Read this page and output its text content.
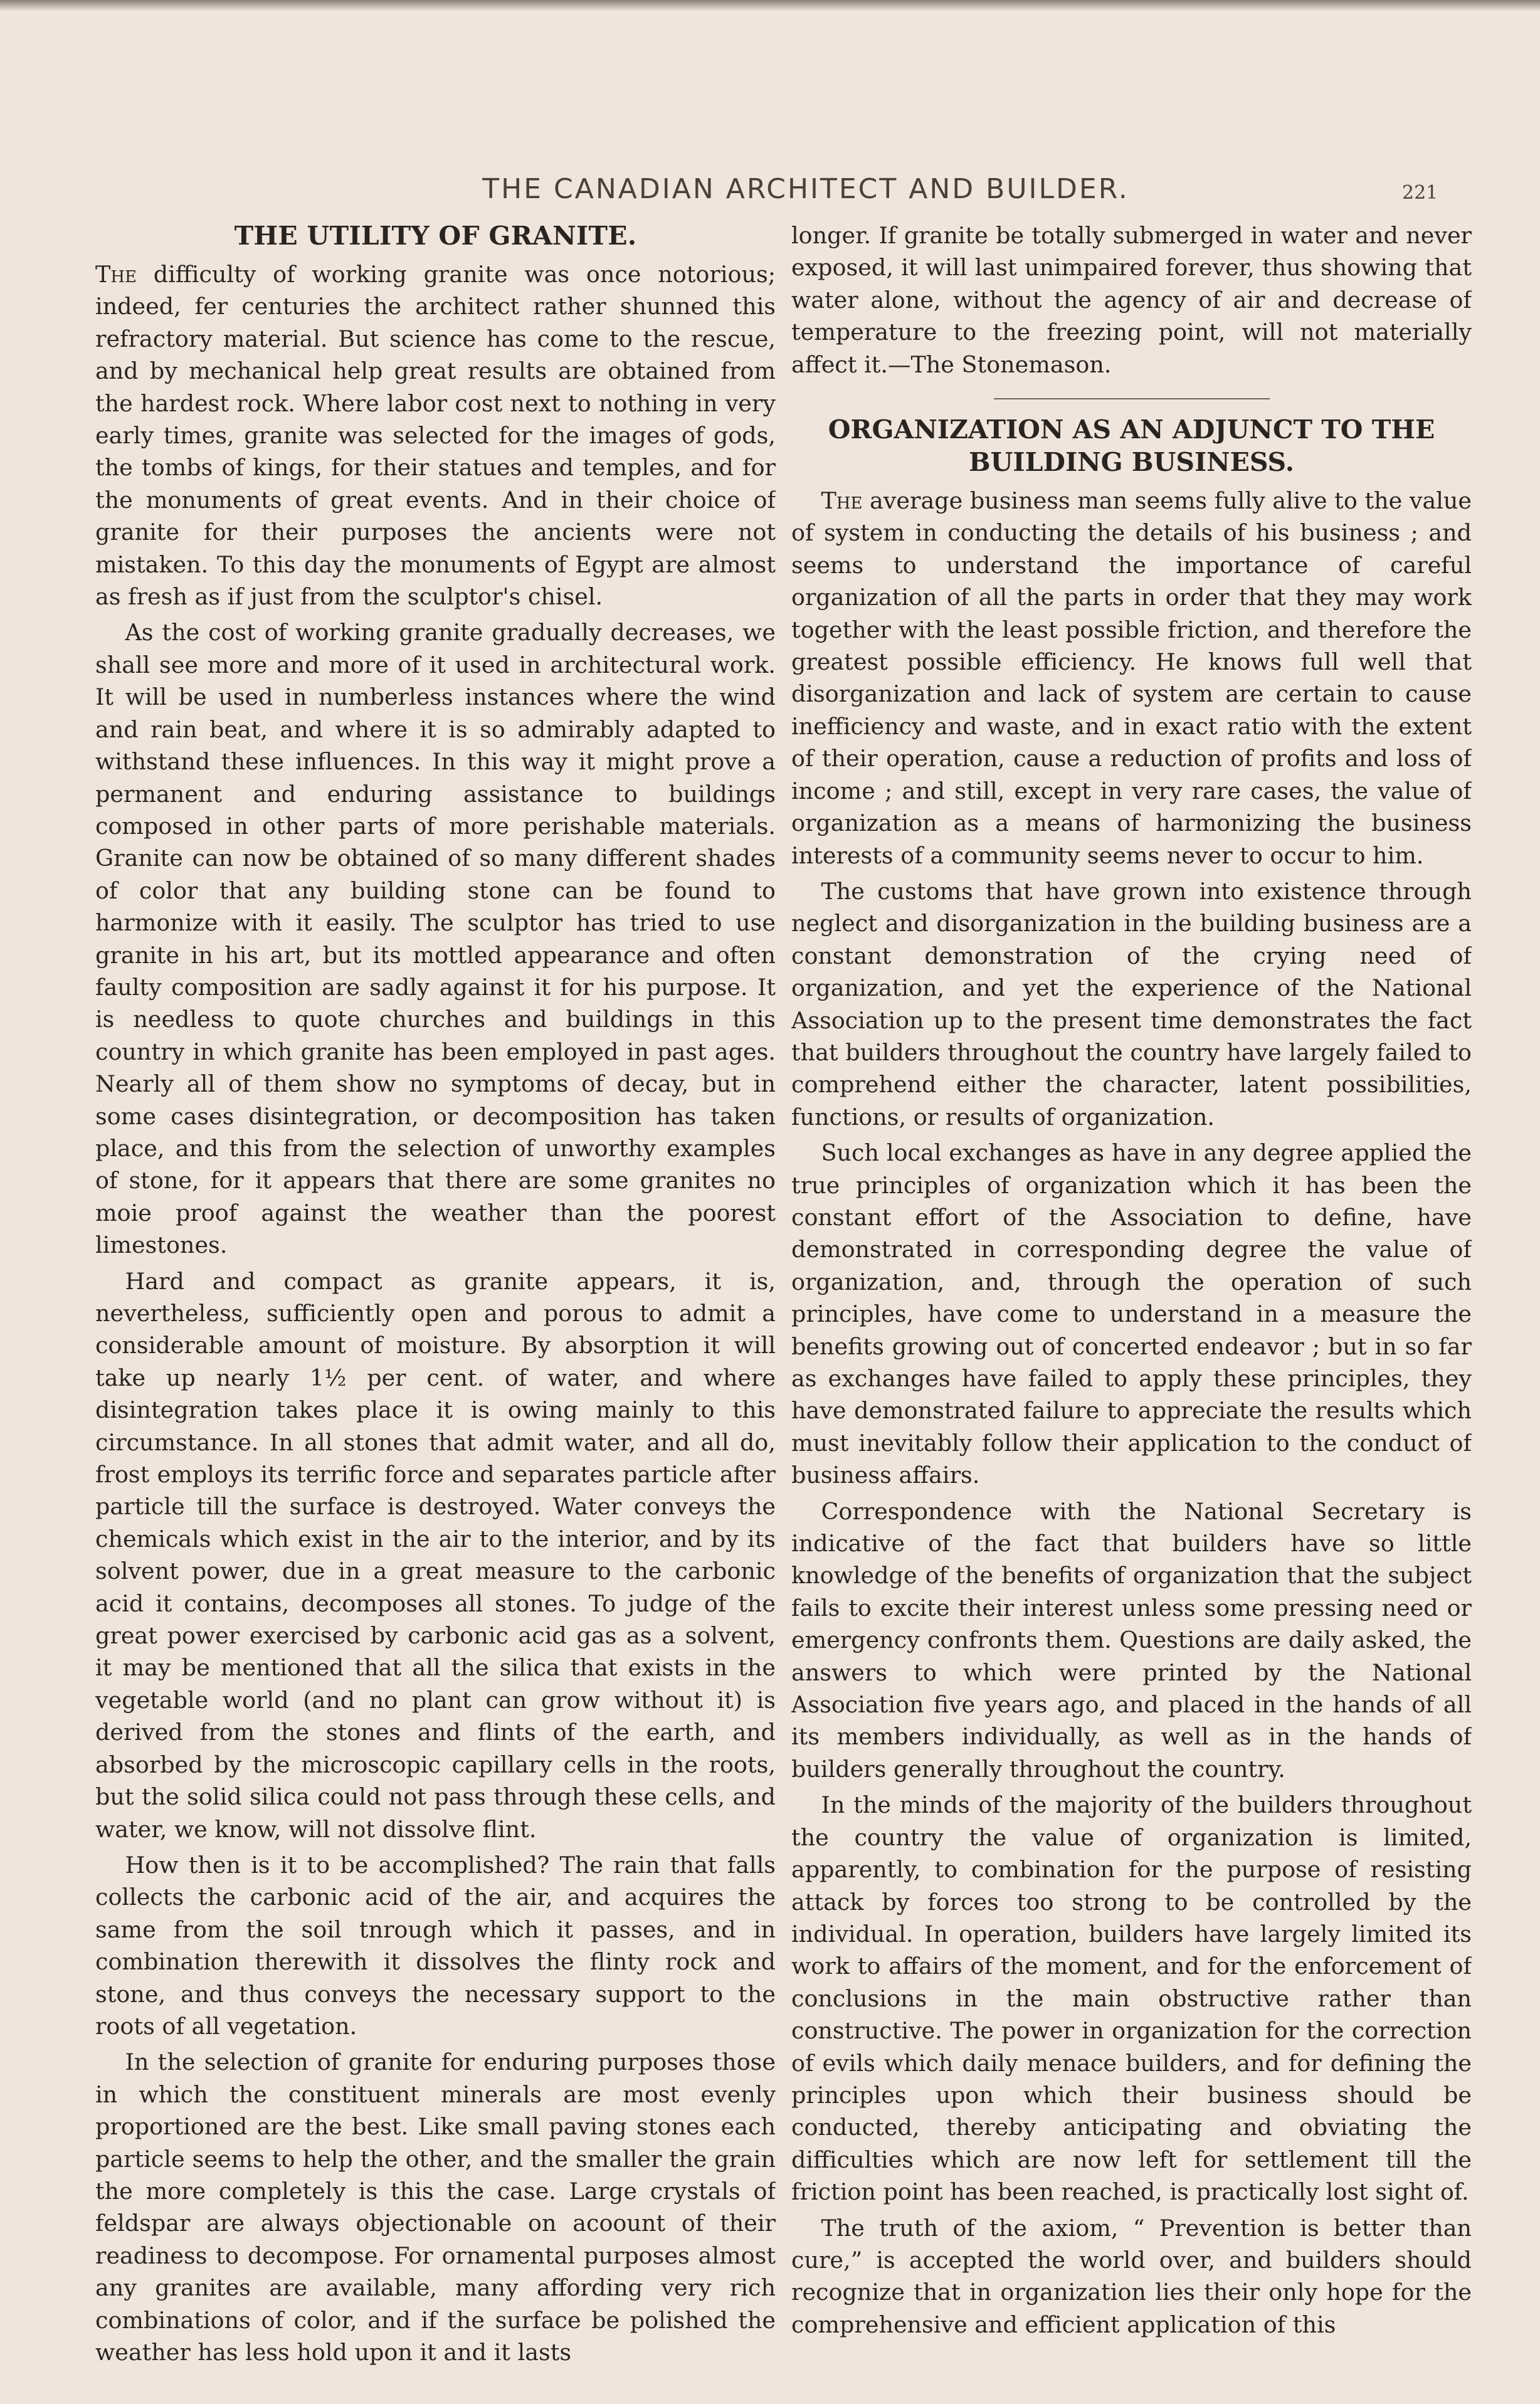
THE CANADIAN ARCHITECT AND BUILDER.	221
THE UTILITY OF GRANITE.

The difficulty of working granite was once notorious; indeed, fer centuries the architect rather shunned this refractory material. But science has come to the rescue, and by mechanical help great results are obtained from the hardest rock. Where labor cost next to nothing in very early times, granite was selected for the images of gods, the tombs of kings, for their statues and temples, and for the monuments of great events. And in their choice of granite for their purposes the ancients were not mistaken. To this day the monuments of Egypt are almost as fresh as if just from the sculptor's chisel.

As the cost of working granite gradually decreases, we shall see more and more of it used in architectural work. It will be used in numberless instances where the wind and rain beat, and where it is so admirably adapted to withstand these influences. In this way it might prove a permanent and enduring assistance to buildings composed in other parts of more perishable materials. Granite can now be obtained of so many different shades of color that any building stone can be found to harmonize with it easily. The sculptor has tried to use granite in his art, but its mottled appearance and often faulty composition are sadly against it for his purpose. It is needless to quote churches and buildings in this country in which granite has been employed in past ages. Nearly all of them show no symptoms of decay, but in some cases disintegration, or decomposition has taken place, and this from the selection of unworthy examples of stone, for it appears that there are some granites no moie proof against the weather than the poorest limestones.

Hard and compact as granite appears, it is, nevertheless, sufficiently open and porous to admit a considerable amount of moisture. By absorption it will take up nearly 1½ per cent. of water, and where disintegration takes place it is owing mainly to this circumstance. In all stones that admit water, and all do, frost employs its terrific force and separates particle after particle till the surface is destroyed. Water conveys the chemicals which exist in the air to the interior, and by its solvent power, due in a great measure to the carbonic acid it contains, decomposes all stones. To judge of the great power exercised by carbonic acid gas as a solvent, it may be mentioned that all the silica that exists in the vegetable world (and no plant can grow without it) is derived from the stones and flints of the earth, and absorbed by the microscopic capillary cells in the roots, but the solid silica could not pass through these cells, and water, we know, will not dissolve flint.

How then is it to be accomplished? The rain that falls collects the carbonic acid of the air, and acquires the same from the soil tnrough which it passes, and in combination therewith it dissolves the flinty rock and stone, and thus conveys the necessary support to the roots of all vegetation.

In the selection of granite for enduring purposes those in which the constituent minerals are most evenly proportioned are the best. Like small paving stones each particle seems to help the other, and the smaller the grain the more completely is this the case. Large crystals of feldspar are always objectionable on acoount of their readiness to decompose. For ornamental purposes almost any granites are available, many affording very rich combinations of color, and if the surface be polished the weather has less hold upon it and it lasts

longer. If granite be totally submerged in water and never exposed, it will last unimpaired forever, thus showing that water alone, without the agency of air and decrease of temperature to the freezing point, will not materially affect it.—The Stonemason.

ORGANIZATION AS AN ADJUNCT TO THE BUILDING BUSINESS.

The average business man seems fully alive to the value of system in conducting the details of his business ; and seems to understand the importance of careful organization of all the parts in order that they may work together with the least possible friction, and therefore the greatest possible efficiency. He knows full well that disorganization and lack of system are certain to cause inefficiency and waste, and in exact ratio with the extent of their operation, cause a reduction of profits and loss of income ; and still, except in very rare cases, the value of organization as a means of harmonizing the business interests of a community seems never to occur to him.

The customs that have grown into existence through neglect and disorganization in the building business are a constant demonstration of the crying need of organization, and yet the experience of the National Association up to the present time demonstrates the fact that builders throughout the country have largely failed to comprehend either the character, latent possibilities, functions, or results of organization.

Such local exchanges as have in any degree applied the true principles of organization which it has been the constant effort of the Association to define, have demonstrated in corresponding degree the value of organization, and, through the operation of such principles, have come to understand in a measure the benefits growing out of concerted endeavor ; but in so far as exchanges have failed to apply these principles, they have demonstrated failure to appreciate the results which must inevitably follow their application to the conduct of business affairs.

Correspondence with the National Secretary is indicative of the fact that builders have so little knowledge of the benefits of organization that the subject fails to excite their interest unless some pressing need or emergency confronts them. Questions are daily asked, the answers to which were printed by the National Association five years ago, and placed in the hands of all its members individually, as well as in the hands of builders generally throughout the country.

In the minds of the majority of the builders throughout the country the value of organization is limited, apparently, to combination for the purpose of resisting attack by forces too strong to be controlled by the individual. In operation, builders have largely limited its work to affairs of the moment, and for the enforcement of conclusions in the main obstructive rather than constructive. The power in organization for the correction of evils which daily menace builders, and for defining the principles upon which their business should be conducted, thereby anticipating and obviating the difficulties which are now left for settlement till the friction point has been reached, is practically lost sight of.

The truth of the axiom, “ Prevention is better than cure,” is accepted the world over, and builders should recognize that in organization lies their only hope for the comprehensive and efficient application of this
